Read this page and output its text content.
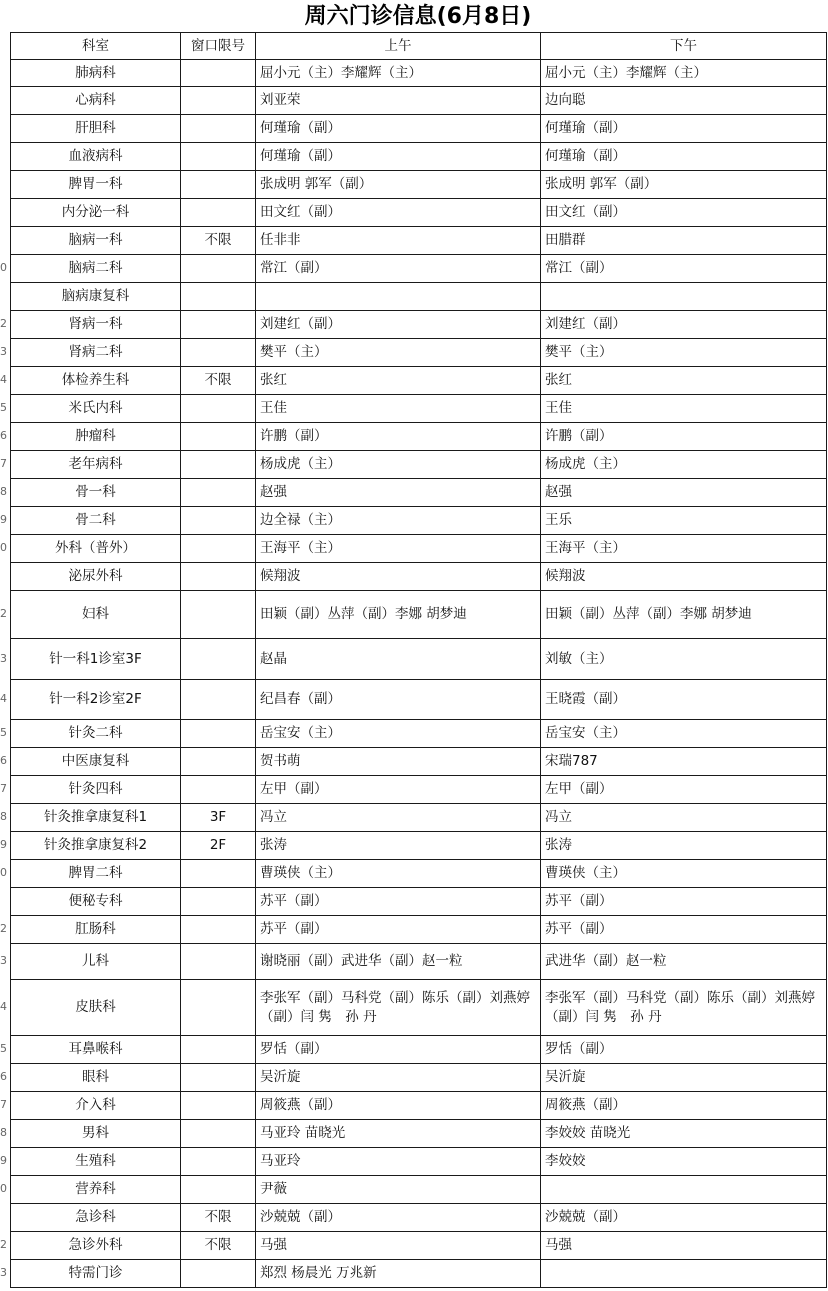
周六门诊信息(6月8日)
科室	窗口限号	上午	下午
肺病科		屈小元（主）李耀辉（主）	屈小元（主）李耀辉（主）
心病科		刘亚荣	边向聪
肝胆科		何瑾瑜（副）	何瑾瑜（副）
血液病科		何瑾瑜（副）	何瑾瑜（副）
脾胃一科		张成明 郭军（副）	张成明 郭军（副）
内分泌一科		田文红（副）	田文红（副）
脑病一科	不限	任非非	田腊群
脑病二科		常江（副）	常江（副）
脑病康复科			
肾病一科		刘建红（副）	刘建红（副）
肾病二科		樊平（主）	樊平（主）
体检养生科	不限	张红	张红
米氏内科		王佳	王佳
肿瘤科		许鹏（副）	许鹏（副）
老年病科		杨成虎（主）	杨成虎（主）
骨一科		赵强	赵强
骨二科		边全禄（主）	王乐
外科（普外）		王海平（主）	王海平（主）
泌尿外科		候翔波	候翔波
妇科		田颖（副）丛萍（副）李娜 胡梦迪	田颖（副）丛萍（副）李娜 胡梦迪
针一科1诊室3F		赵晶	刘敏（主）
针一科2诊室2F		纪昌春（副）	王晓霞（副）
针灸二科		岳宝安（主）	岳宝安（主）
中医康复科		贺书萌	宋瑞787
针灸四科		左甲（副）	左甲（副）
针灸推拿康复科1	3F	冯立	冯立
针灸推拿康复科2	2F	张涛	张涛
脾胃二科		曹瑛侠（主）	曹瑛侠（主）
便秘专科		苏平（副）	苏平（副）
肛肠科		苏平（副）	苏平（副）
儿科		谢晓丽（副）武进华（副）赵一粒	武进华（副）赵一粒
皮肤科		李张军（副）马科党（副）陈乐（副）刘燕婷（副）闫 隽　孙 丹	李张军（副）马科党（副）陈乐（副）刘燕婷（副）闫 隽　孙 丹
耳鼻喉科		罗恬（副）	罗恬（副）
眼科		吴沂旋	吴沂旋
介入科		周筱燕（副）	周筱燕（副）
男科		马亚玲 苗晓光	李姣姣 苗晓光
生殖科		马亚玲	李姣姣
营养科		尹薇	
急诊科	不限	沙兢兢（副）	沙兢兢（副）
急诊外科	不限	马强	马强
特需门诊		郑烈 杨晨光 万兆新	
0
2
3
4
5
6
7
8
9
0
2
3
4
5
6
7
8
9
0
2
3
4
5
6
7
8
9
0
2
3
